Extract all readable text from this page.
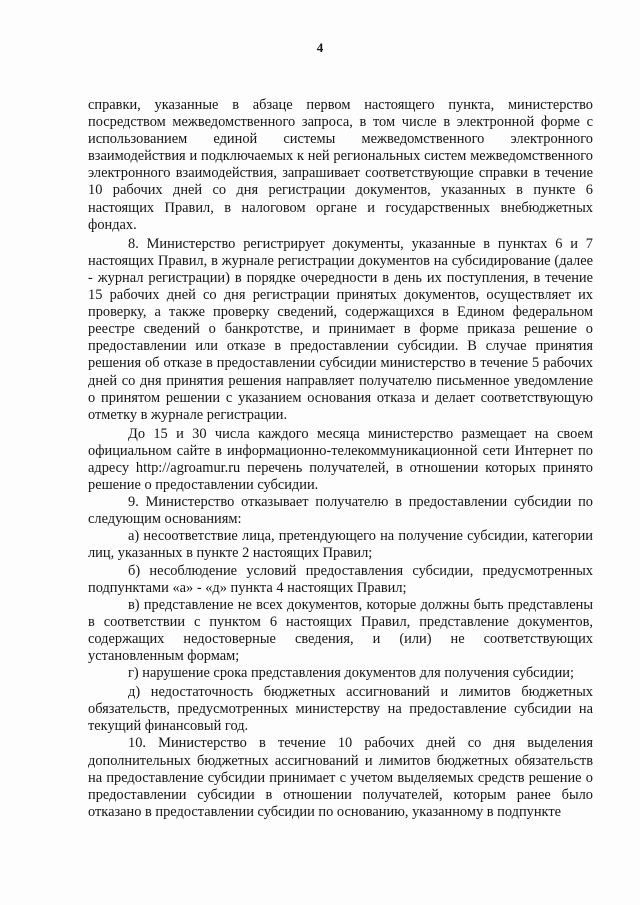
4

справки, указанные в абзаце первом настоящего пункта, министерство посредством межведомственного запроса, в том числе в электронной форме с использованием единой системы межведомственного электронного взаимодействия и подключаемых к ней региональных систем межведомственного электронного взаимодействия, запрашивает соответствующие справки в течение 10 рабочих дней со дня регистрации документов, указанных в пункте 6 настоящих Правил, в налоговом органе и государственных внебюджетных фондах.

8. Министерство регистрирует документы, указанные в пунктах 6 и 7 настоящих Правил, в журнале регистрации документов на субсидирование (далее - журнал регистрации) в порядке очередности в день их поступления, в течение 15 рабочих дней со дня регистрации принятых документов, осуществляет их проверку, а также проверку сведений, содержащихся в Едином федеральном реестре сведений о банкротстве, и принимает в форме приказа решение о предоставлении или отказе в предоставлении субсидии. В случае принятия решения об отказе в предоставлении субсидии министерство в течение 5 рабочих дней со дня принятия решения направляет получателю письменное уведомление о принятом решении с указанием основания отказа и делает соответствующую отметку в журнале регистрации.

До 15 и 30 числа каждого месяца министерство размещает на своем официальном сайте в информационно-телекоммуникационной сети Интернет по адресу http://agroamur.ru перечень получателей, в отношении которых принято решение о предоставлении субсидии.

9. Министерство отказывает получателю в предоставлении субсидии по следующим основаниям:

а) несоответствие лица, претендующего на получение субсидии, категории лиц, указанных в пункте 2 настоящих Правил;

б) несоблюдение условий предоставления субсидии, предусмотренных подпунктами «а» - «д» пункта 4 настоящих Правил;

в) представление не всех документов, которые должны быть представлены в соответствии с пунктом 6 настоящих Правил, представление документов, содержащих недостоверные сведения, и (или) не соответствующих установленным формам;

г) нарушение срока представления документов для получения субсидии;

д) недостаточность бюджетных ассигнований и лимитов бюджетных обязательств, предусмотренных министерству на предоставление субсидии на текущий финансовый год.

10. Министерство в течение 10 рабочих дней со дня выделения дополнительных бюджетных ассигнований и лимитов бюджетных обязательств на предоставление субсидии принимает с учетом выделяемых средств решение о предоставлении субсидии в отношении получателей, которым ранее было отказано в предоставлении субсидии по основанию, указанному в подпункте
